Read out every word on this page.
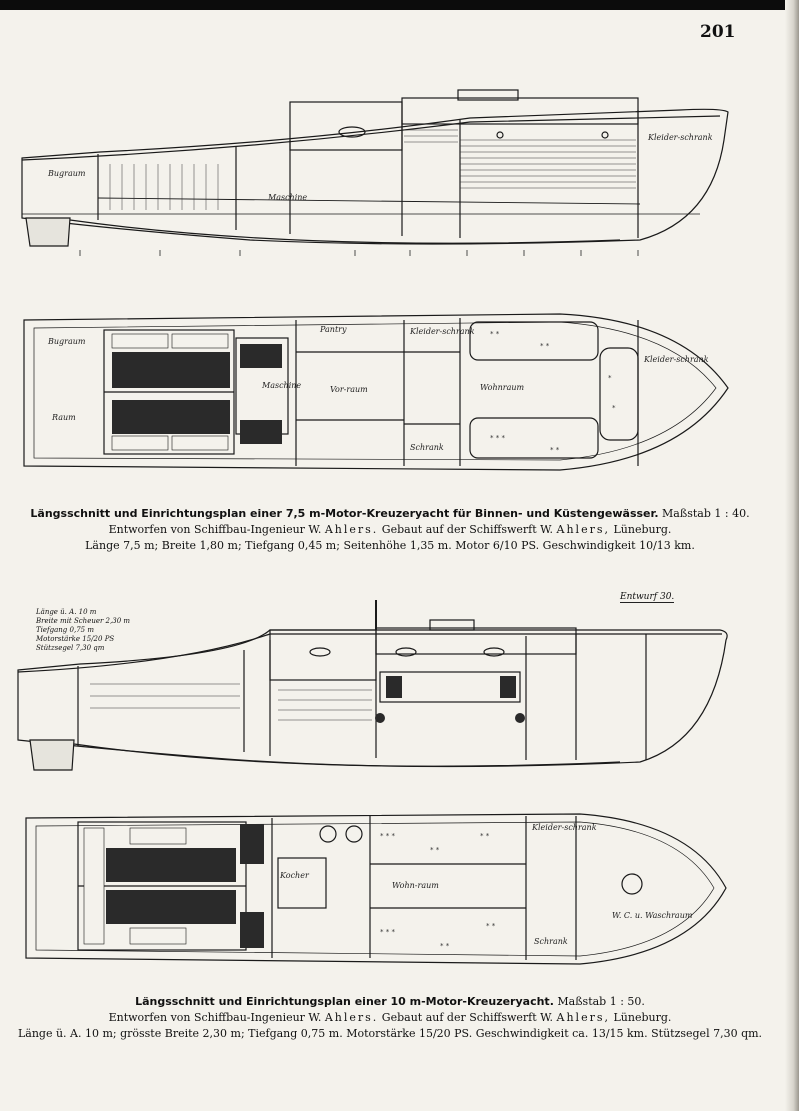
201
Bugraum
Maschine
Kleider-schrank
* *
* *
* * *
* *
*
*
Bugraum
Raum
Pantry
Maschine	Vor-raum	Wohnraum
Kleider-schrank
Schrank
Kleider-schrank
Längsschnitt und Einrichtungsplan einer 7,5 m-Motor-Kreuzeryacht für Binnen- und Küstengewässer. Maßstab 1 : 40.
Entworfen von Schiffbau-Ingenieur W. Ahlers. Gebaut auf der Schiffswerft W. Ahlers, Lüneburg.
Länge 7,5 m; Breite 1,80 m; Tiefgang 0,45 m; Seitenhöhe 1,35 m. Motor 6/10 PS. Geschwindigkeit 10/13 km.
Entwurf 30.
Länge ü. A. 10 m
Breite mit Scheuer 2,30 m
Tiefgang 0,75 m
Motorstärke 15/20 PS
Stützsegel 7,30 qm
* * *
* *
* *
* * *
* *
* *
Kocher
Wohn-raum
Kleider-schrank
Schrank
W. C. u. Waschraum
Längsschnitt und Einrichtungsplan einer 10 m-Motor-Kreuzeryacht. Maßstab 1 : 50.
Entworfen von Schiffbau-Ingenieur W. Ahlers. Gebaut auf der Schiffswerft W. Ahlers, Lüneburg.
Länge ü. A. 10 m; grösste Breite 2,30 m; Tiefgang 0,75 m. Motorstärke 15/20 PS. Geschwindigkeit ca. 13/15 km. Stützsegel 7,30 qm.
